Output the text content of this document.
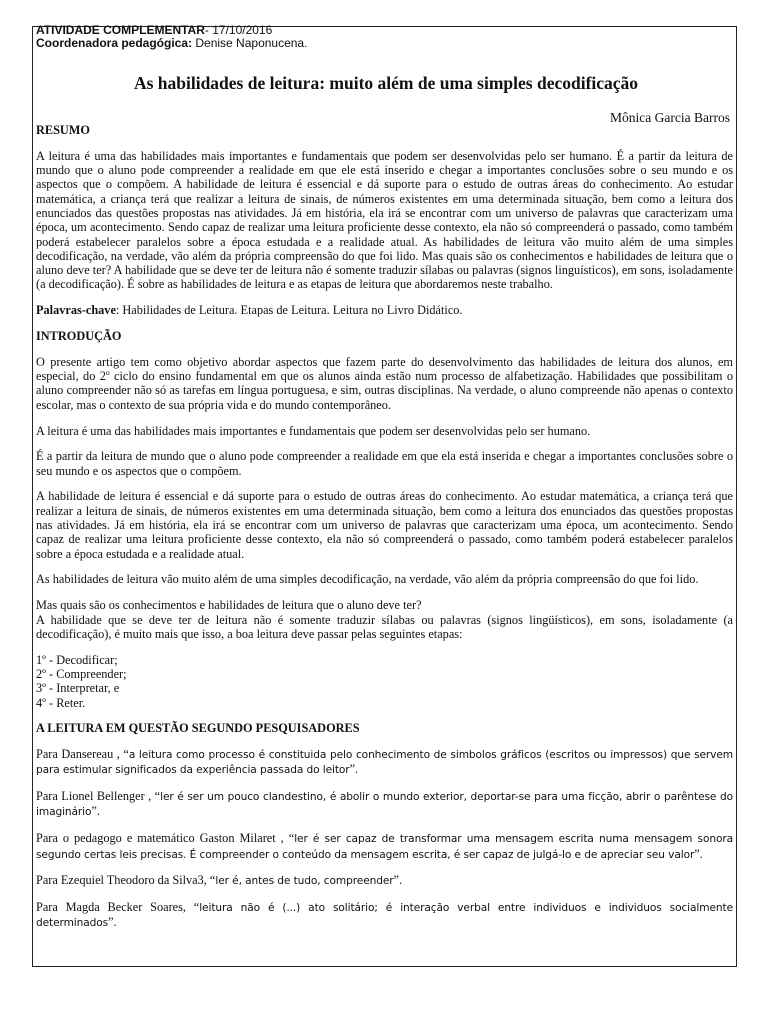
ATIVIDADE COMPLEMENTAR- 17/10/2016
Coordenadora pedagógica: Denise Naponucena.
As habilidades de leitura: muito além de uma simples decodificação
Mônica Garcia Barros
RESUMO

A leitura é uma das habilidades mais importantes e fundamentais que podem ser desenvolvidas pelo ser humano. É a partir da leitura de mundo que o aluno pode compreender a realidade em que ele está inserido e chegar a importantes conclusões sobre o seu mundo e os aspectos que o compõem. A habilidade de leitura é essencial e dá suporte para o estudo de outras áreas do conhecimento. Ao estudar matemática, a criança terá que realizar a leitura de sinais, de números existentes em uma determinada situação, bem como a leitura dos enunciados das questões propostas nas atividades. Já em história, ela irá se encontrar com um universo de palavras que caracterizam uma época, um acontecimento. Sendo capaz de realizar uma leitura proficiente desse contexto, ela não só compreenderá o passado, como também poderá estabelecer paralelos sobre a época estudada e a realidade atual. As habilidades de leitura vão muito além de uma simples decodificação, na verdade, vão além da própria compreensão do que foi lido. Mas quais são os conhecimentos e habilidades de leitura que o aluno deve ter? A habilidade que se deve ter de leitura não é somente traduzir sílabas ou palavras (signos linguísticos), em sons, isoladamente (a decodificação). É sobre as habilidades de leitura e as etapas de leitura que abordaremos neste trabalho.

Palavras-chave: Habilidades de Leitura. Etapas de Leitura. Leitura no Livro Didático.

INTRODUÇÃO

O presente artigo tem como objetivo abordar aspectos que fazem parte do desenvolvimento das habilidades de leitura dos alunos, em especial, do 2º ciclo do ensino fundamental em que os alunos ainda estão num processo de alfabetização. Habilidades que possibilitam o aluno compreender não só as tarefas em língua portuguesa, e sim, outras disciplinas. Na verdade, o aluno compreende não apenas o contexto escolar, mas o contexto de sua própria vida e do mundo contemporâneo.

A leitura é uma das habilidades mais importantes e fundamentais que podem ser desenvolvidas pelo ser humano.

É a partir da leitura de mundo que o aluno pode compreender a realidade em que ela está inserida e chegar a importantes conclusões sobre o seu mundo e os aspectos que o compõem.

A habilidade de leitura é essencial e dá suporte para o estudo de outras áreas do conhecimento. Ao estudar matemática, a criança terá que realizar a leitura de sinais, de números existentes em uma determinada situação, bem como a leitura dos enunciados das questões propostas nas atividades. Já em história, ela irá se encontrar com um universo de palavras que caracterizam uma época, um acontecimento. Sendo capaz de realizar uma leitura proficiente desse contexto, ela não só compreenderá o passado, como também poderá estabelecer paralelos sobre a época estudada e a realidade atual.

As habilidades de leitura vão muito além de uma simples decodificação, na verdade, vão além da própria compreensão do que foi lido.

Mas quais são os conhecimentos e habilidades de leitura que o aluno deve ter?

A habilidade que se deve ter de leitura não é somente traduzir sílabas ou palavras (signos lingüísticos), em sons, isoladamente (a decodificação), é muito mais que isso, a boa leitura deve passar pelas seguintes etapas:

1º - Decodificar;
2º - Compreender;
3º - Interpretar, e
4º - Reter.
A LEITURA EM QUESTÃO SEGUNDO PESQUISADORES

Para Dansereau , “a leitura como processo é constituida pelo conhecimento de simbolos gráficos (escritos ou impressos) que servem para estimular significados da experiência passada do leitor”.

Para Lionel Bellenger , “ler é ser um pouco clandestino, é abolir o mundo exterior, deportar-se para uma ficção, abrir o parêntese do imaginário”.

Para o pedagogo e matemático Gaston Milaret , “ler é ser capaz de transformar uma mensagem escrita numa mensagem sonora segundo certas leis precisas. É compreender o conteúdo da mensagem escrita, é ser capaz de julgá-lo e de apreciar seu valor”.

Para Ezequiel Theodoro da Silva3, “ler é, antes de tudo, compreender”.

Para Magda Becker Soares, “leitura não é (...) ato solitário; é interação verbal entre individuos e individuos socialmente determinados”.
